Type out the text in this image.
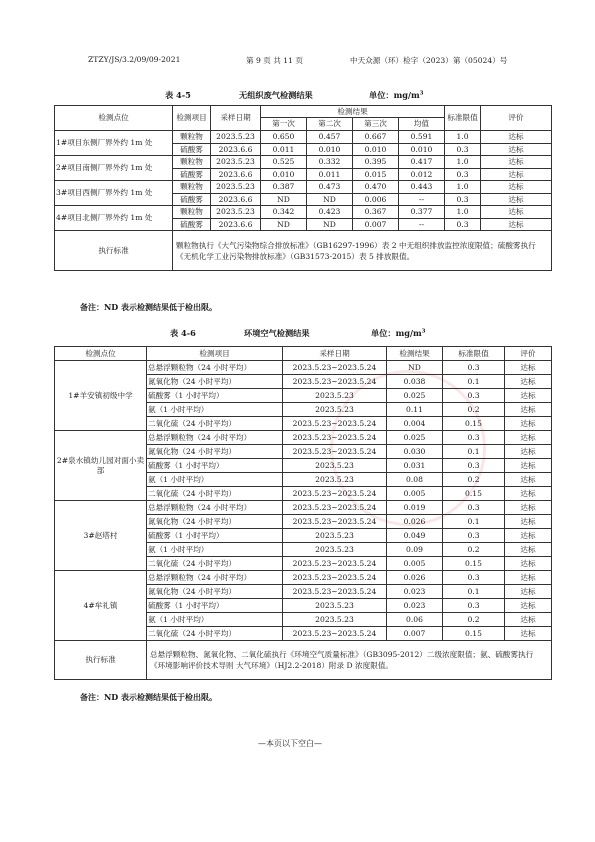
ZTZY/JS/3.2/09/09-2021	第 9 页 共 11 页	中天众源（环）检字（2023）第（05024）号
表 4-5	无组织废气检测结果	单位：$mg/m^3$
检测点位	检测项目	采样日期	检测结果				标准限值	评价
			第一次	第二次	第三次	均值		
1#项目东侧厂界外约 1m 处	颗粒物	2023.5.23	0.650	0.457	0.667	0.591	1.0	达标
	硫酸雾	2023.6.6	0.011	0.010	0.010	0.010	0.3	达标
2#项目南侧厂界外约 1m 处	颗粒物	2023.5.23	0.525	0.332	0.395	0.417	1.0	达标
	硫酸雾	2023.6.6	0.010	0.011	0.015	0.012	0.3	达标
3#项目西侧厂界外约 1m 处	颗粒物	2023.5.23	0.387	0.473	0.470	0.443	1.0	达标
	硫酸雾	2023.6.6	ND	ND	0.006	--	0.3	达标
4#项目北侧厂界外约 1m 处	颗粒物	2023.5.23	0.342	0.423	0.367	0.377	1.0	达标
	硫酸雾	2023.6.6	ND	ND	0.007	--	0.3	达标
执行标准	颗粒物执行《大气污染物综合排放标准》（GB16297-1996）表 2 中无组织排放监控浓度限值；硫酸雾执行《无机化学工业污染物排放标准》（GB31573-2015）表 5 排放限值。							
备注：ND 表示检测结果低于检出限。
表 4-6	环境空气检测结果	单位：$mg/m^3$
检测点位	检测项目	采样日期	检测结果	标准限值	评价
1#羊安镇初级中学	总悬浮颗粒物（24 小时平均）	2023.5.23~2023.5.24	ND	0.3	达标
	氮氧化物（24 小时平均）	2023.5.23~2023.5.24	0.038	0.1	达标
	硫酸雾（1 小时平均）	2023.5.23	0.025	0.3	达标
	氨（1 小时平均）	2023.5.23	0.11	0.2	达标
	二氧化硫（24 小时平均）	2023.5.23~2023.5.24	0.004	0.15	达标
2#泉水镇幼儿园对面小卖部	总悬浮颗粒物（24 小时平均）	2023.5.23~2023.5.24	0.025	0.3	达标
	氮氧化物（24 小时平均）	2023.5.23~2023.5.24	0.030	0.1	达标
	硫酸雾（1 小时平均）	2023.5.23	0.031	0.3	达标
	氨（1 小时平均）	2023.5.23	0.08	0.2	达标
	二氧化硫（24 小时平均）	2023.5.23~2023.5.24	0.005	0.15	达标
3#赵塔村	总悬浮颗粒物（24 小时平均）	2023.5.23~2023.5.24	0.019	0.3	达标
	氮氧化物（24 小时平均）	2023.5.23~2023.5.24	0.026	0.1	达标
	硫酸雾（1 小时平均）	2023.5.23	0.049	0.3	达标
	氨（1 小时平均）	2023.5.23	0.09	0.2	达标
	二氧化硫（24 小时平均）	2023.5.23~2023.5.24	0.005	0.15	达标
4#牟礼镇	总悬浮颗粒物（24 小时平均）	2023.5.23~2023.5.24	0.026	0.3	达标
	氮氧化物（24 小时平均）	2023.5.23~2023.5.24	0.023	0.1	达标
	硫酸雾（1 小时平均）	2023.5.23	0.023	0.3	达标
	氨（1 小时平均）	2023.5.23	0.06	0.2	达标
	二氧化硫（24 小时平均）	2023.5.23~2023.5.24	0.007	0.15	达标
执行标准	总悬浮颗粒物、氮氧化物、二氧化硫执行《环境空气质量标准》（GB3095-2012）二级浓度限值；氨、硫酸雾执行《环境影响评价技术导则 大气环境》（HJ2.2-2018）附录 D 浓度限值。				
备注：ND 表示检测结果低于检出限。
—本页以下空白—
